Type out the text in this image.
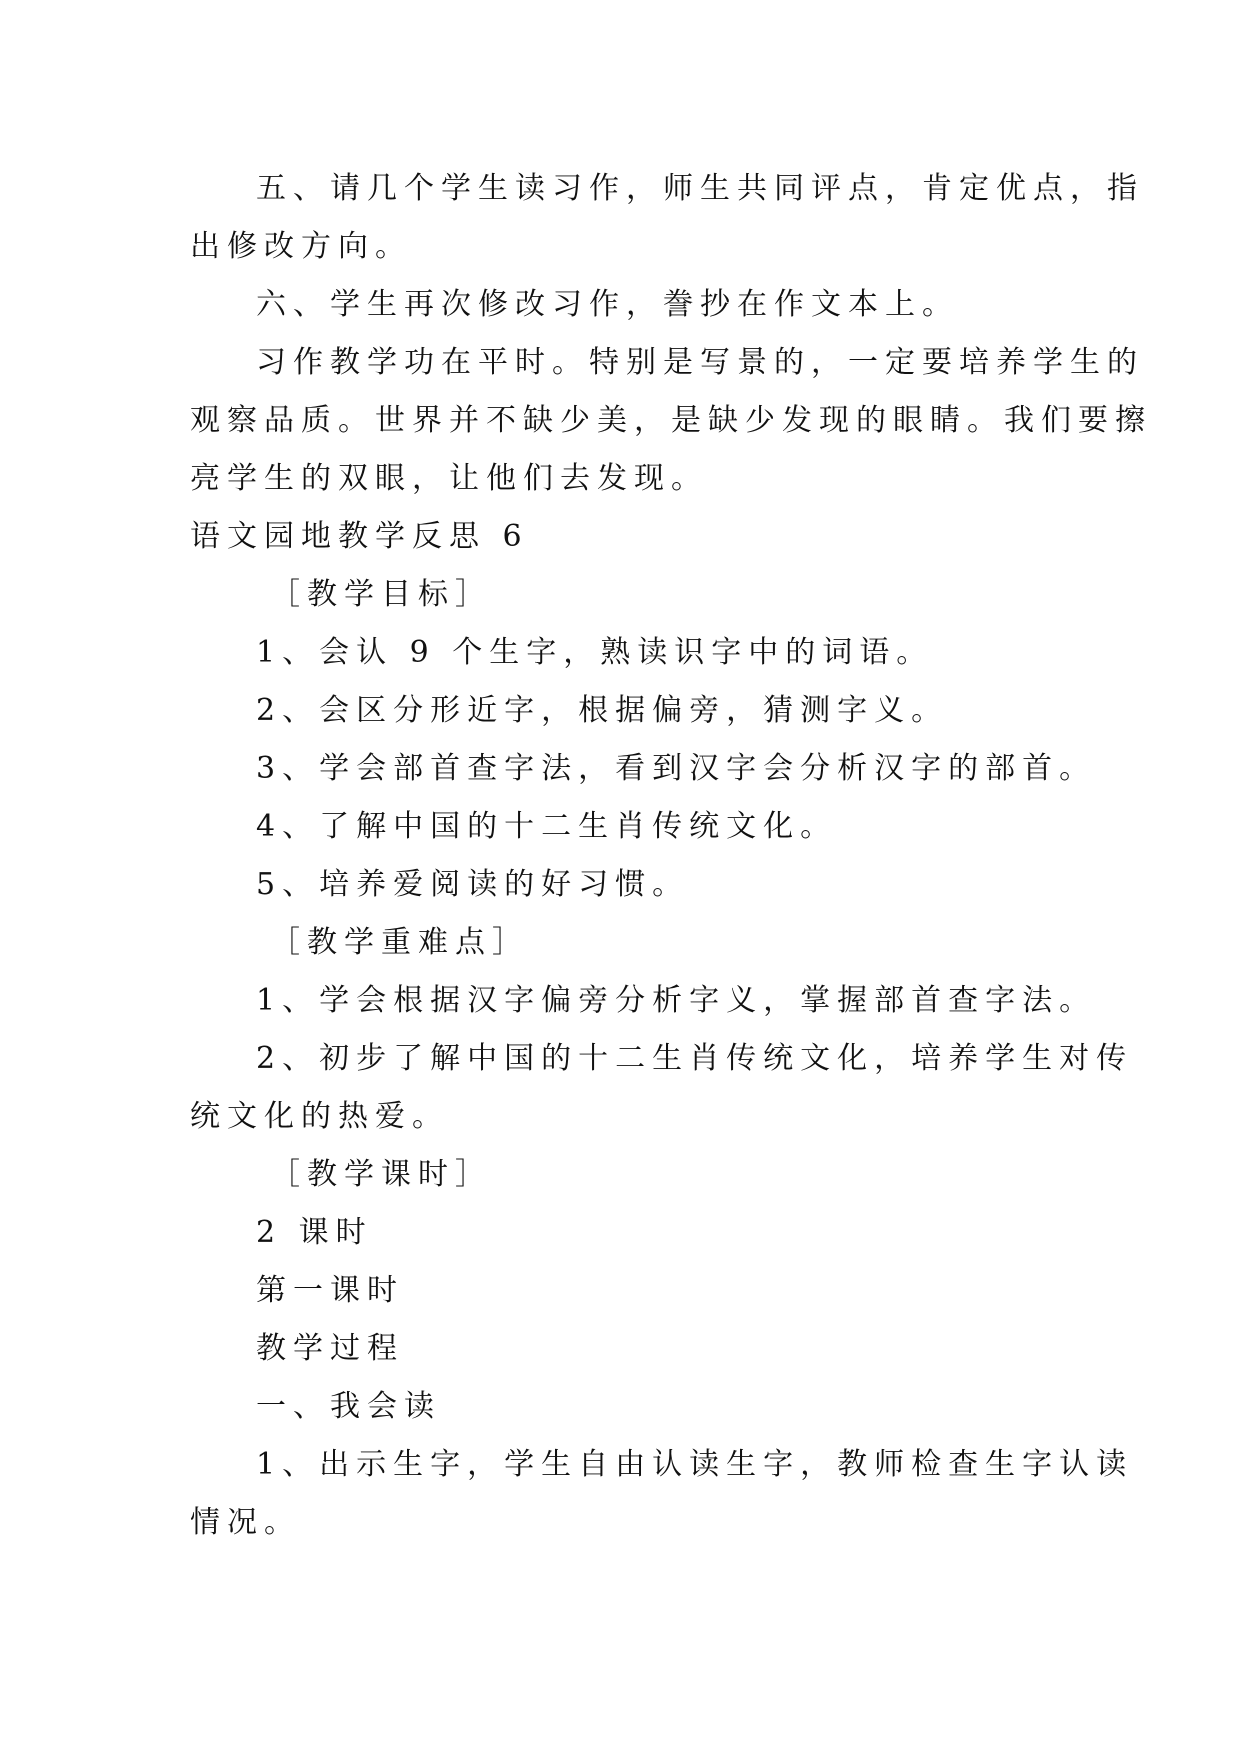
五、请几个学生读习作，师生共同评点，肯定优点，指
出修改方向。
六、学生再次修改习作，誊抄在作文本上。
习作教学功在平时。特别是写景的，一定要培养学生的
观察品质。世界并不缺少美，是缺少发现的眼睛。我们要擦
亮学生的双眼，让他们去发现。
语文园地教学反思 6
［教学目标］
1、会认 9 个生字，熟读识字中的词语。
2、会区分形近字，根据偏旁，猜测字义。
3、学会部首查字法，看到汉字会分析汉字的部首。
4、了解中国的十二生肖传统文化。
5、培养爱阅读的好习惯。
［教学重难点］
1、学会根据汉字偏旁分析字义，掌握部首查字法。
2、初步了解中国的十二生肖传统文化，培养学生对传
统文化的热爱。
［教学课时］
2 课时
第一课时
教学过程
一、我会读
1、出示生字，学生自由认读生字，教师检查生字认读
情况。
